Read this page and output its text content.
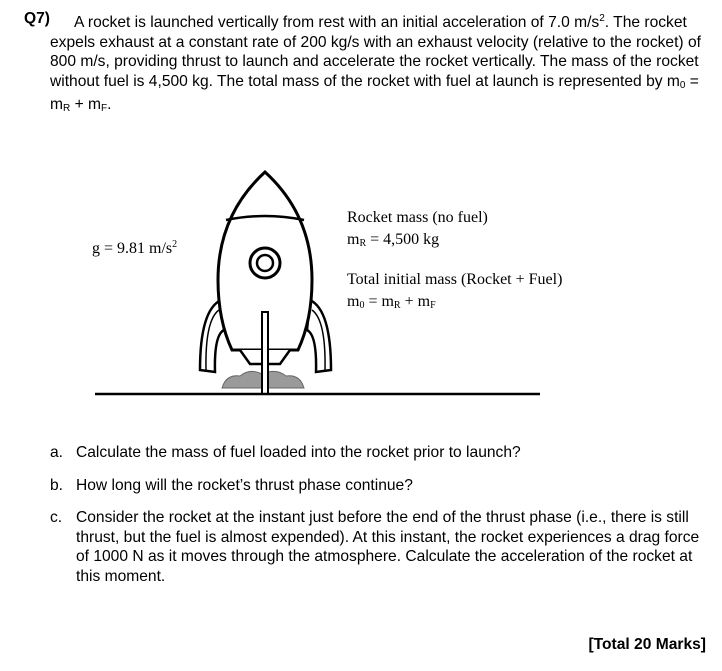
Q7)	A rocket is launched vertically from rest with an initial acceleration of 7.0 $m/s^2$. The rocket expels exhaust at a constant rate of 200 kg/s with an exhaust velocity (relative to the rocket) of 800 m/s, providing thrust to launch and accelerate the rocket vertically. The mass of the rocket without fuel is 4,500 kg. The total mass of the rocket with fuel at launch is represented by $m_0 = m_R + m_F$.
g = 9.81 $m/s^2$
Rocket mass (no fuel)
$m_R = 4,500$ kg
Total initial mass (Rocket + Fuel)
$m_0 = m_R + m_F$
a. Calculate the mass of fuel loaded into the rocket prior to launch?
b. How long will the rocket’s thrust phase continue?
c. Consider the rocket at the instant just before the end of the thrust phase (i.e., there is still thrust, but the fuel is almost expended). At this instant, the rocket experiences a drag force of 1000 N as it moves through the atmosphere. Calculate the acceleration of the rocket at this moment.
[Total 20 Marks]
